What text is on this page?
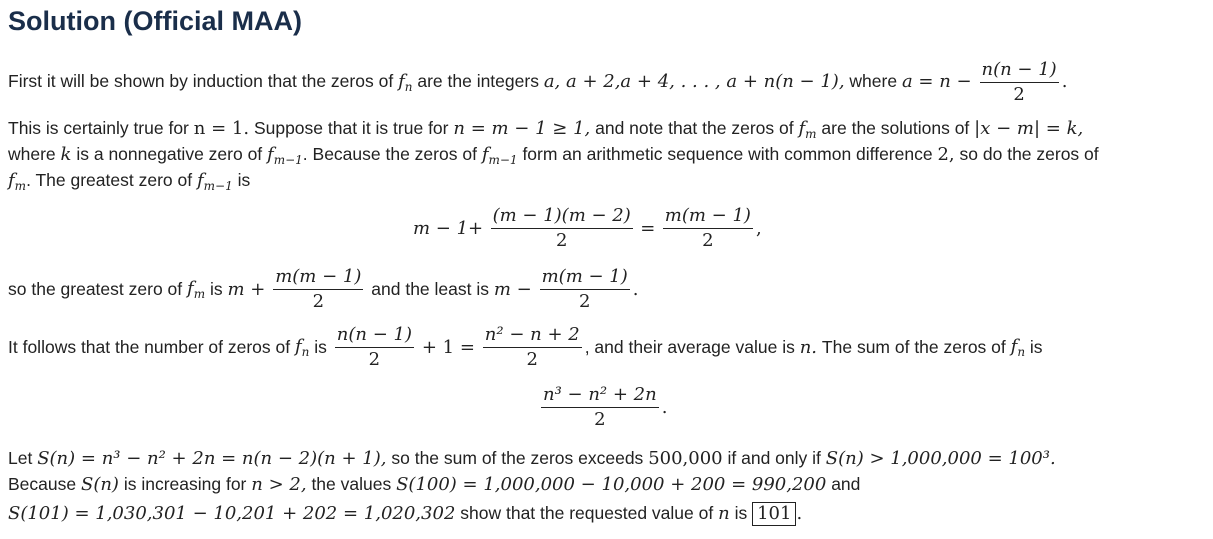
Solution (Official MAA)
First it will be shown by induction that the zeros of $f_n$ are the integers a, a + 2,a + 4, . . . , a + n(n − 1), where $a = n - \frac{n(n - 1)}{2}$ .
This is certainly true for n = 1. Suppose that it is true for n = m − 1 ≥ 1, and note that the zeros of $f_m$ are the solutions of |x − m| = k,
where k is a nonnegative zero of $f_{m-1}$. Because the zeros of $f_{m-1}$ form an arithmetic sequence with common difference 2, so do the zeros of
$f_m$. The greatest zero of $f_{m-1}$ is
$m - 1+ \frac{(m - 1)(m - 2)}{2} = \frac{m(m - 1)}{2}$ ,
so the greatest zero of $f_m$ is $m + \frac{m(m - 1)}{2}$ and the least is $m - \frac{m(m - 1)}{2}$ .
It follows that the number of zeros of $f_n$ is $\frac{n(n - 1)}{2} + 1 = \frac{\text{n² − n + 2}}{2}$ , and their average value is n. The sum of the zeros of $f_n$ is
$\frac{\text{n³ − n² + 2n}}{2}$ .
Let S(n) = n³ − n² + 2n = n(n − 2)(n + 1), so the sum of the zeros exceeds 500,000 if and only if S(n) > 1,000,000 = 100³.
Because S(n) is increasing for n > 2, the values S(100) = 1,000,000 − 10,000 + 200 = 990,200 and
S(101) = 1,030,301 − 10,201 + 202 = 1,020,302 show that the requested value of n is 101 .
